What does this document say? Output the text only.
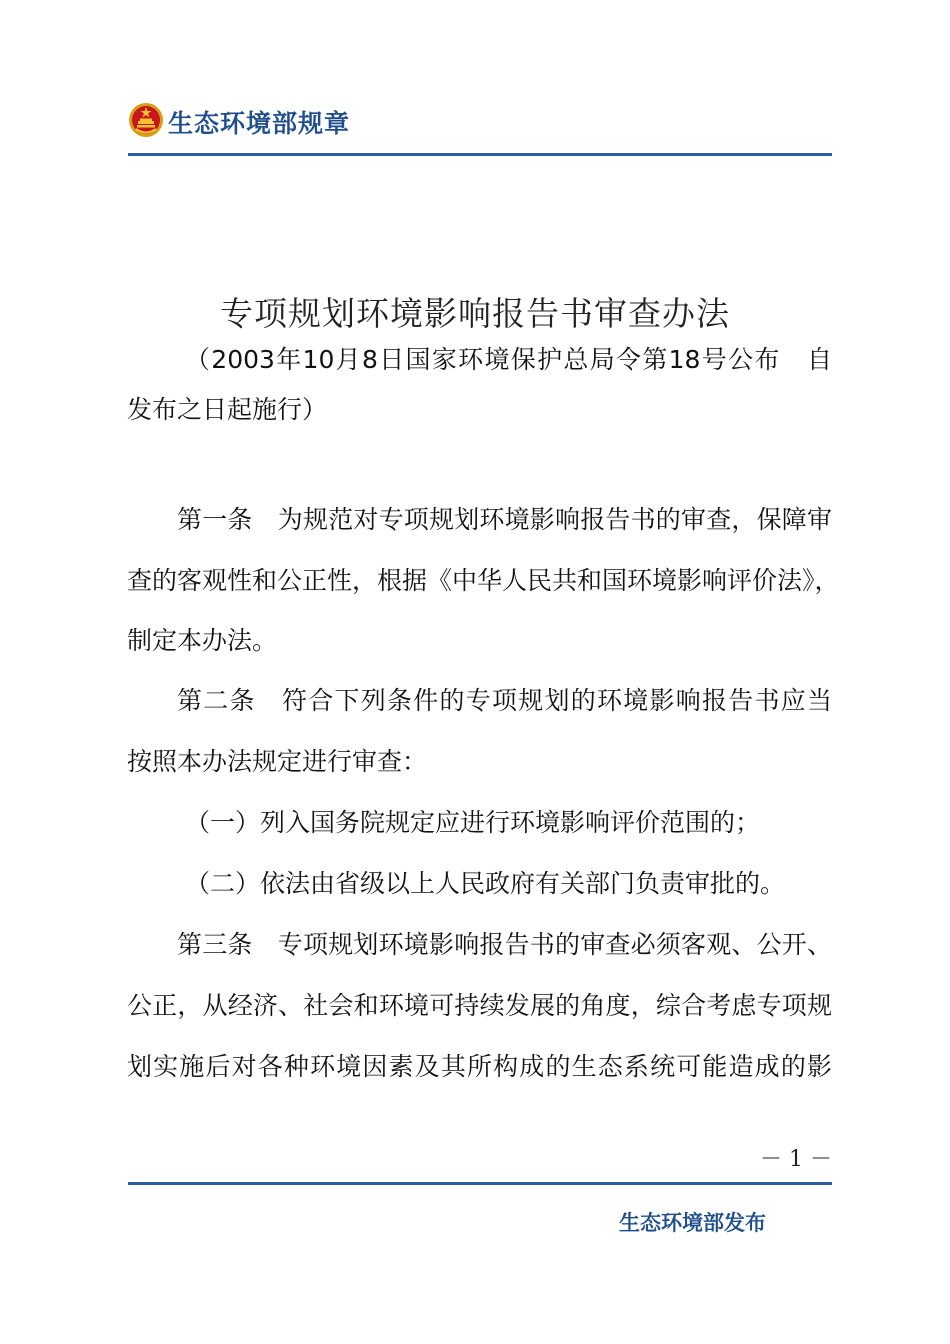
生态环境部规章
专项规划环境影响报告书审查办法
（2003年10月8日国家环境保护总局令第18号公布　自
发布之日起施行）
第一条　为规范对专项规划环境影响报告书的审查，保障审
查的客观性和公正性，根据《中华人民共和国环境影响评价法》，
制定本办法。
第二条　符合下列条件的专项规划的环境影响报告书应当
按照本办法规定进行审查：
（一）列入国务院规定应进行环境影响评价范围的；
（二）依法由省级以上人民政府有关部门负责审批的。
第三条　专项规划环境影响报告书的审查必须客观、公开、
公正，从经济、社会和环境可持续发展的角度，综合考虑专项规
划实施后对各种环境因素及其所构成的生态系统可能造成的影
－ 1 －
生态环境部发布
